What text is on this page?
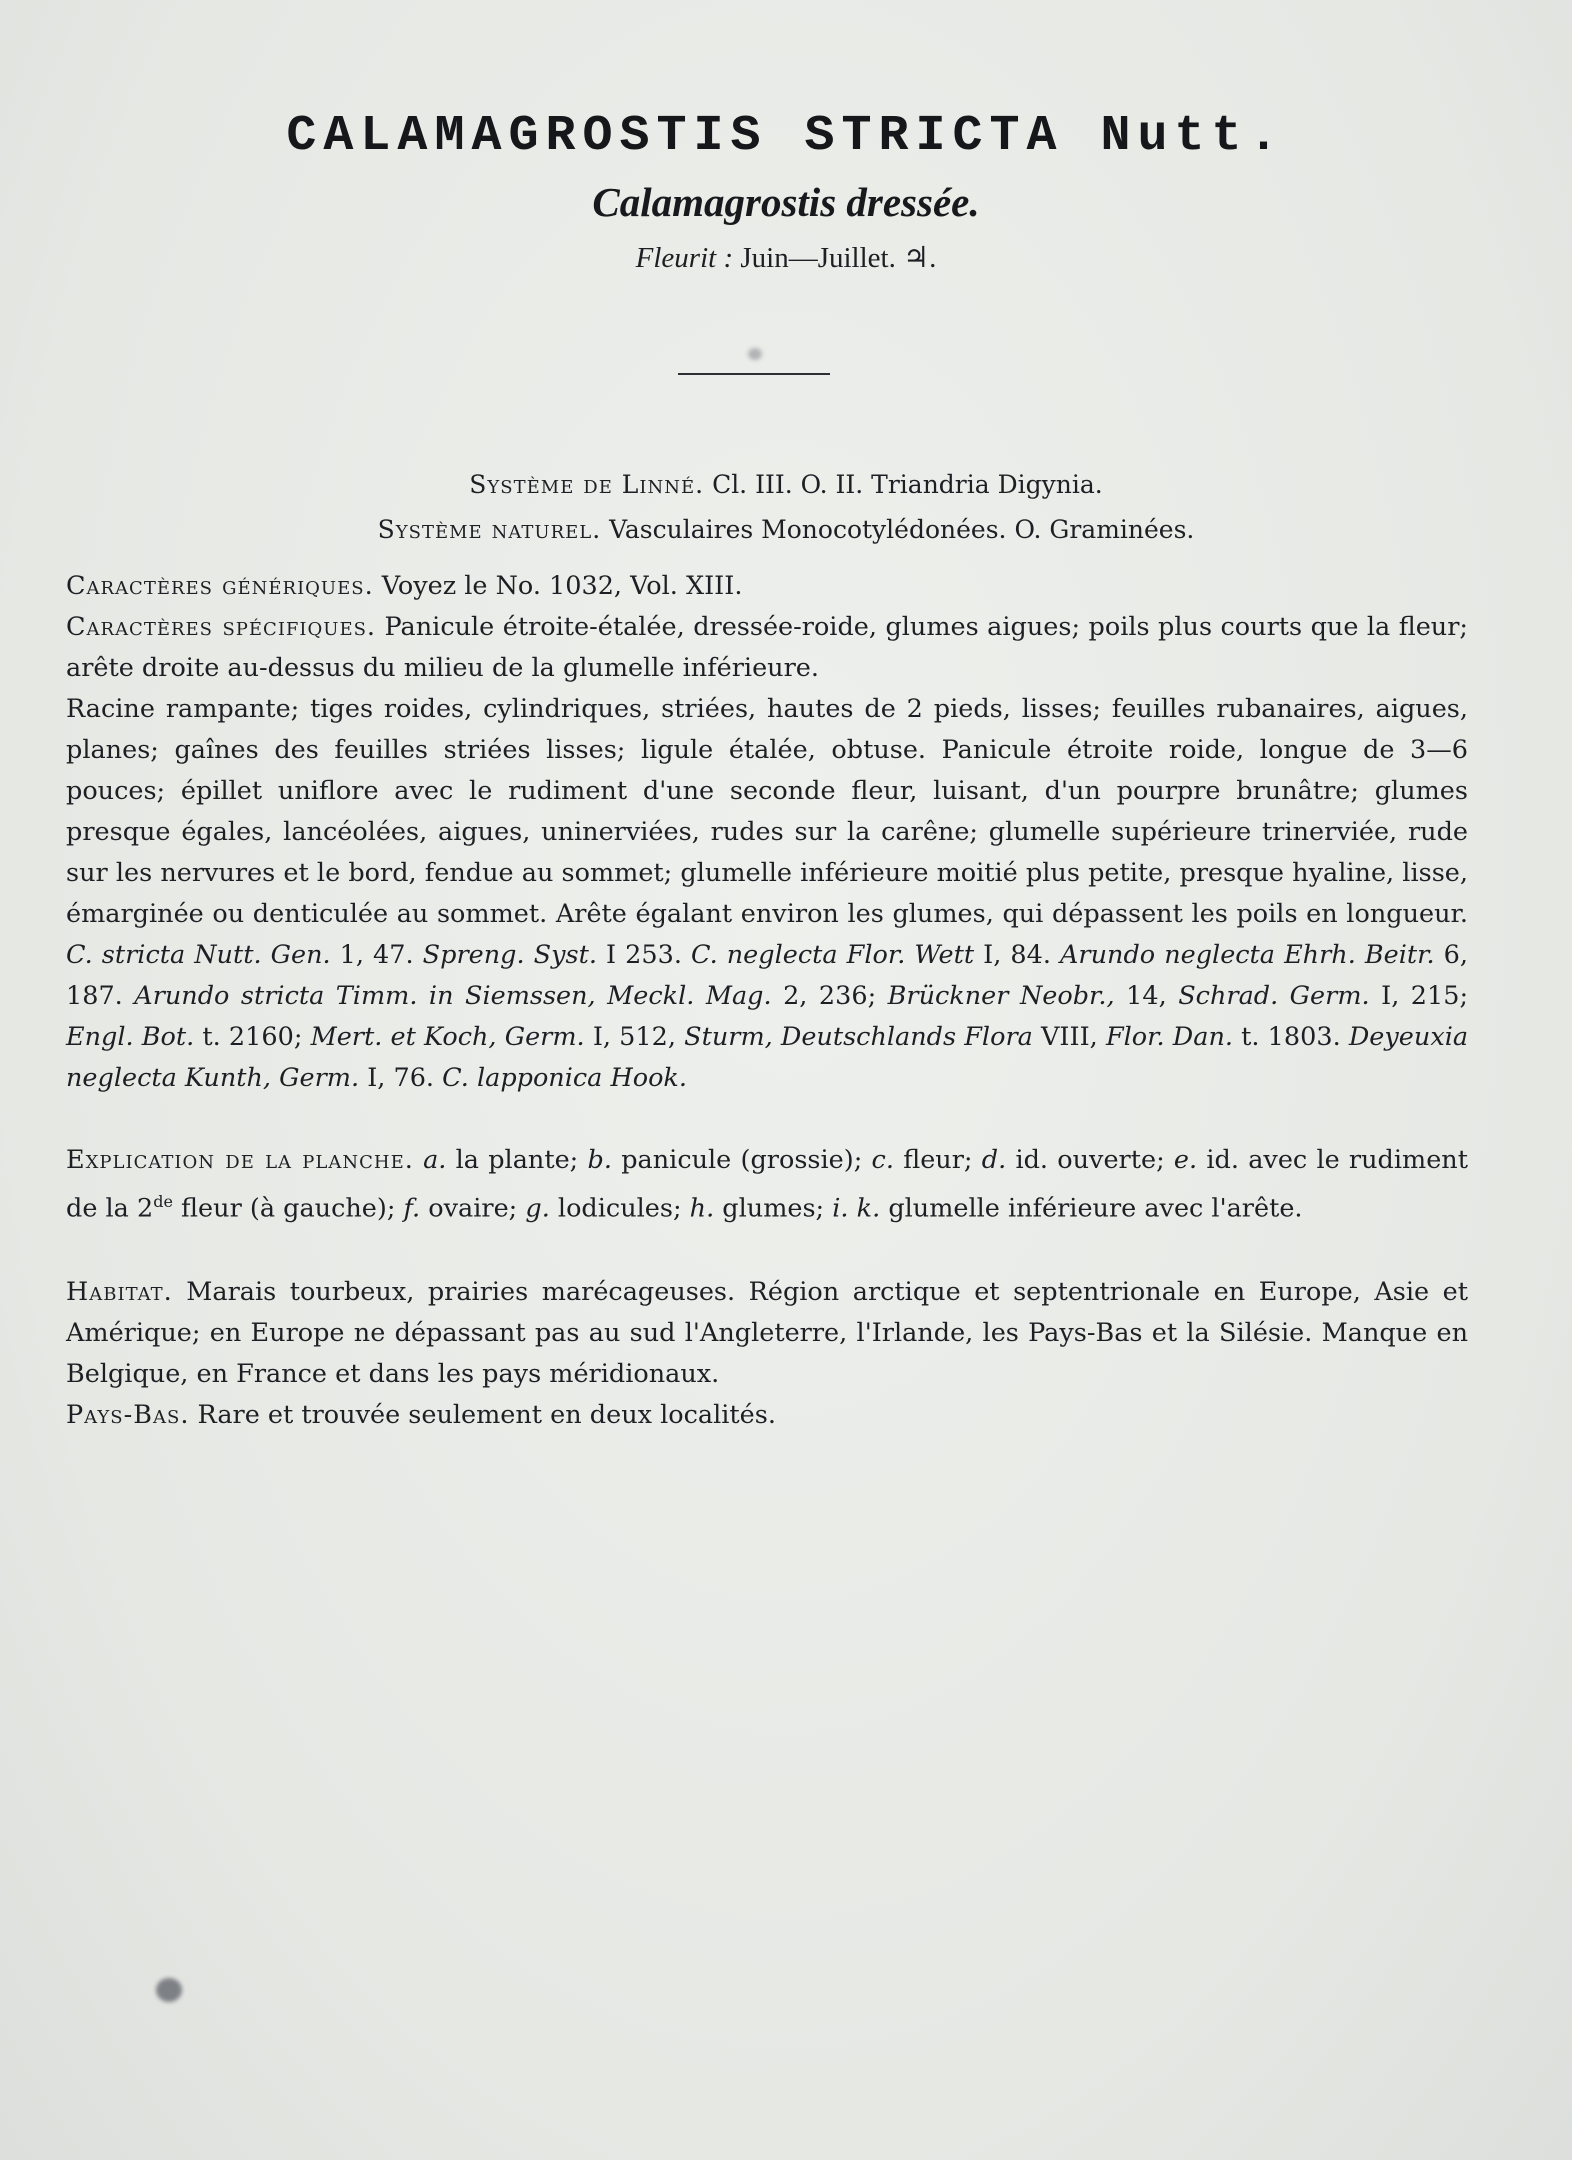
CALAMAGROSTIS STRICTA Nutt.
Calamagrostis dressée.
Fleurit : Juin—Juillet. ♃.
Système de Linné. Cl. III. O. II. Triandria Digynia.
Système naturel. Vasculaires Monocotylédonées. O. Graminées.
Caractères génériques. Voyez le No. 1032, Vol. XIII.
Caractères spécifiques. Panicule étroite-étalée, dressée-roide, glumes aigues; poils plus courts que la fleur; arête droite au-dessus du milieu de la glumelle inférieure.
Racine rampante; tiges roides, cylindriques, striées, hautes de 2 pieds, lisses; feuilles rubanaires, aigues, planes; gaînes des feuilles striées lisses; ligule étalée, obtuse. Panicule étroite roide, longue de 3—6 pouces; épillet uniflore avec le rudiment d'une seconde fleur, luisant, d'un pourpre brunâtre; glumes presque égales, lancéolées, aigues, uninerviées, rudes sur la carêne; glumelle supérieure trinerviée, rude sur les nervures et le bord, fendue au sommet; glumelle inférieure moitié plus petite, presque hyaline, lisse, émarginée ou denticulée au sommet. Arête égalant environ les glumes, qui dépassent les poils en longueur. C. stricta Nutt. Gen. 1, 47. Spreng. Syst. I 253. C. neglecta Flor. Wett I, 84. Arundo neglecta Ehrh. Beitr. 6, 187. Arundo stricta Timm. in Siemssen, Meckl. Mag. 2, 236; Brückner Neobr., 14, Schrad. Germ. I, 215; Engl. Bot. t. 2160; Mert. et Koch, Germ. I, 512, Sturm, Deutschlands Flora VIII, Flor. Dan. t. 1803. Deyeuxia neglecta Kunth, Germ. I, 76. C. lapponica Hook.
Explication de la planche. a. la plante; b. panicule (grossie); c. fleur; d. id. ouverte; e. id. avec le rudiment de la 2de fleur (à gauche); f. ovaire; g. lodicules; h. glumes; i. k. glumelle inférieure avec l'arête.
Habitat. Marais tourbeux, prairies marécageuses. Région arctique et septentrionale en Europe, Asie et Amérique; en Europe ne dépassant pas au sud l'Angleterre, l'Irlande, les Pays-Bas et la Silésie. Manque en Belgique, en France et dans les pays méridionaux.
Pays-Bas. Rare et trouvée seulement en deux localités.
